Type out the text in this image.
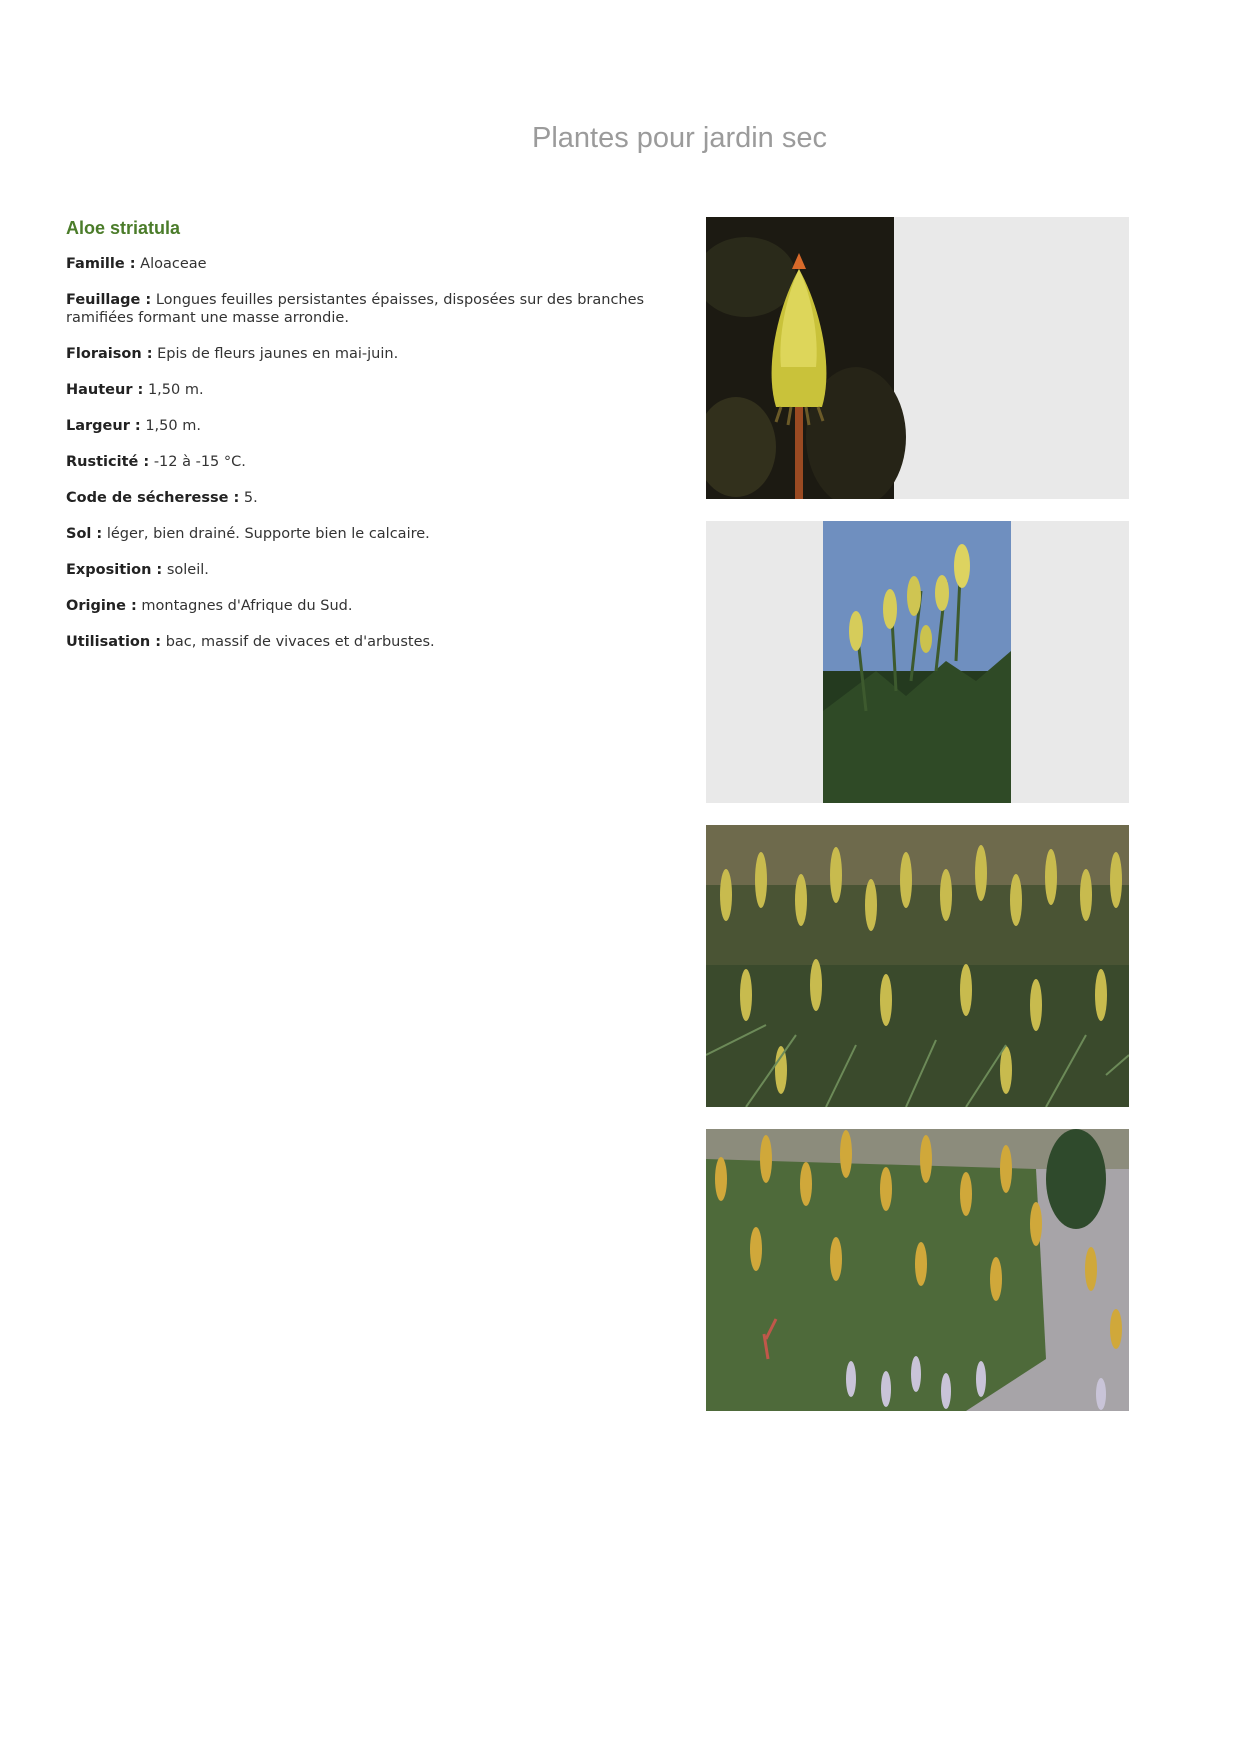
Plantes pour jardin sec
Aloe striatula

Famille : Aloaceae

Feuillage : Longues feuilles persistantes épaisses, disposées sur des branches ramifiées formant une masse arrondie.

Floraison : Epis de fleurs jaunes en mai-juin.

Hauteur : 1,50 m.

Largeur : 1,50 m.

Rusticité : -12 à -15 °C.

Code de sécheresse : 5.

Sol : léger, bien drainé. Supporte bien le calcaire.

Exposition : soleil.

Origine : montagnes d'Afrique du Sud.

Utilisation : bac, massif de vivaces et d'arbustes.
